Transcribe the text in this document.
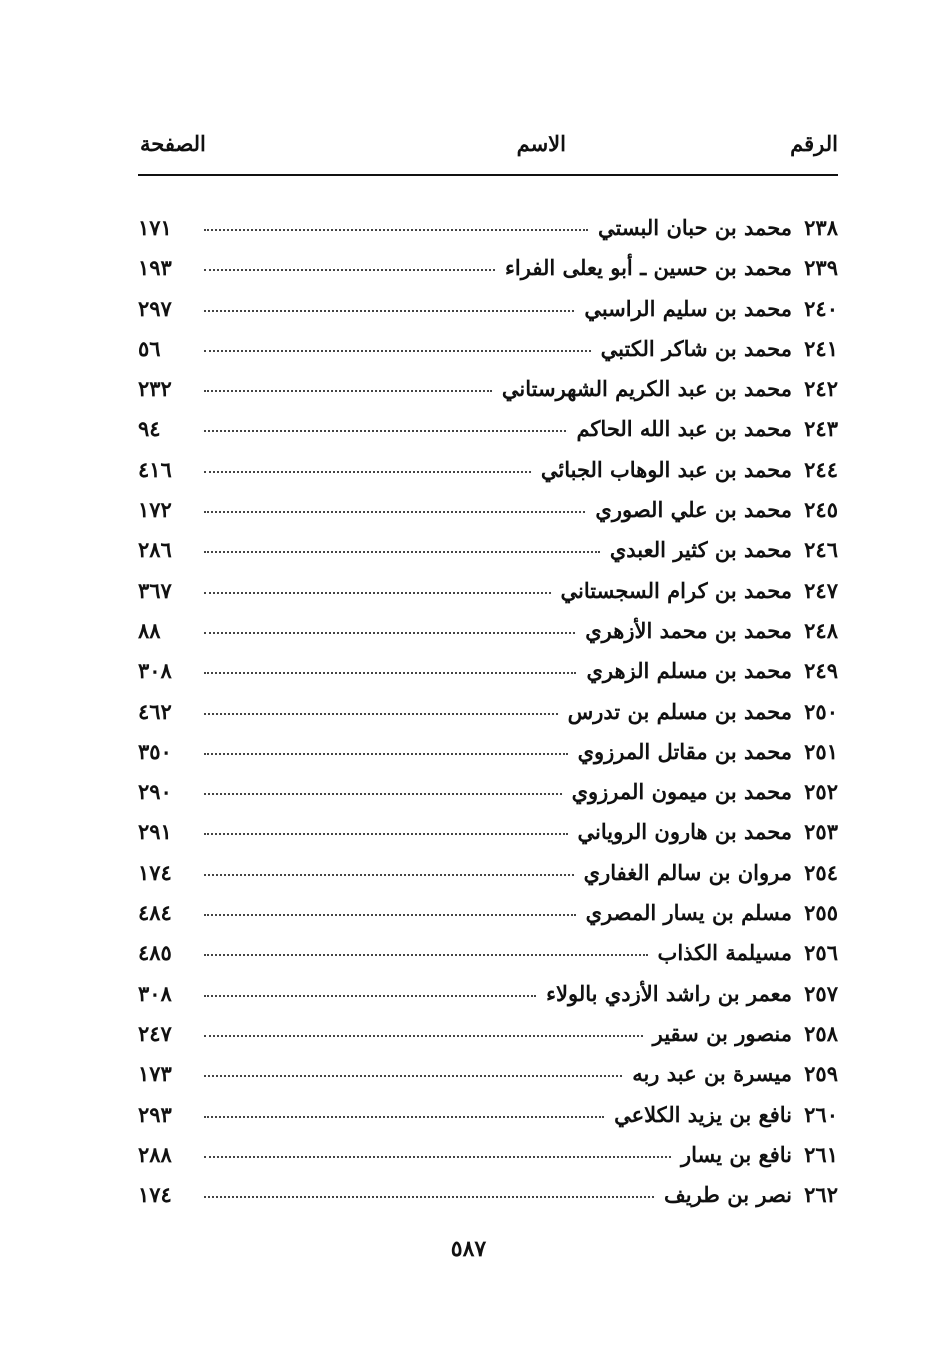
الرقم
الاسم
الصفحة
٢٣٨
محمد بن حبان البستي
١٧١
٢٣٩
محمد بن حسين ـ أبو يعلى الفراء
١٩٣
٢٤٠
محمد بن سليم الراسبي
٢٩٧
٢٤١
محمد بن شاكر الكتبي
٥٦
٢٤٢
محمد بن عبد الكريم الشهرستاني
٢٣٢
٢٤٣
محمد بن عبد الله الحاكم
٩٤
٢٤٤
محمد بن عبد الوهاب الجبائي
٤١٦
٢٤٥
محمد بن علي الصوري
١٧٢
٢٤٦
محمد بن كثير العبدي
٢٨٦
٢٤٧
محمد بن كرام السجستاني
٣٦٧
٢٤٨
محمد بن محمد الأزهري
٨٨
٢٤٩
محمد بن مسلم الزهري
٣٠٨
٢٥٠
محمد بن مسلم بن تدرس
٤٦٢
٢٥١
محمد بن مقاتل المرزوي
٣٥٠
٢٥٢
محمد بن ميمون المرزوي
٢٩٠
٢٥٣
محمد بن هارون الروياني
٢٩١
٢٥٤
مروان بن سالم الغفاري
١٧٤
٢٥٥
مسلم بن يسار المصري
٤٨٤
٢٥٦
مسيلمة الكذاب
٤٨٥
٢٥٧
معمر بن راشد الأزدي بالولاء
٣٠٨
٢٥٨
منصور بن سقير
٢٤٧
٢٥٩
ميسرة بن عبد ربه
١٧٣
٢٦٠
نافع بن يزيد الكلاعي
٢٩٣
٢٦١
نافع بن يسار
٢٨٨
٢٦٢
نصر بن طريف
١٧٤
٥٨٧
